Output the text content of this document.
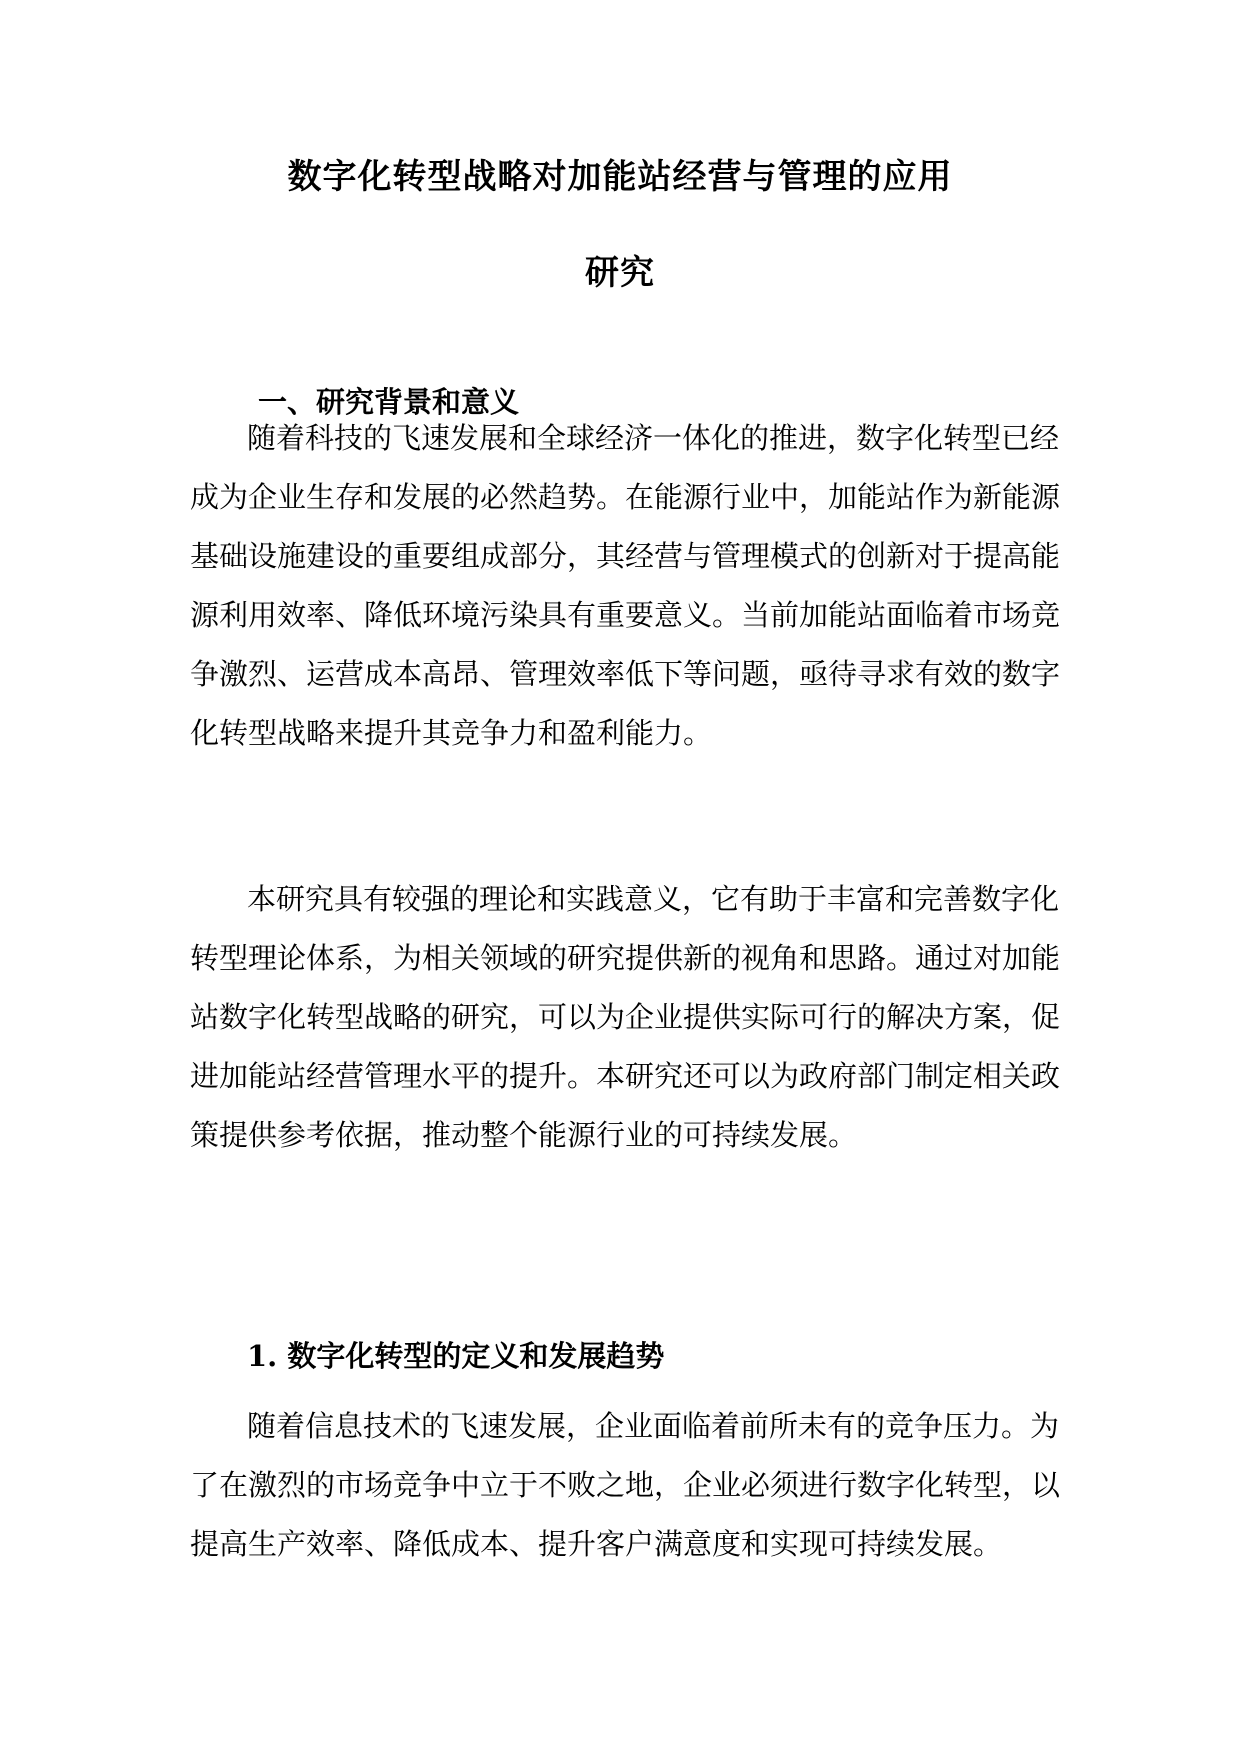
数字化转型战略对加能站经营与管理的应用
研究
一、研究背景和意义
随着科技的飞速发展和全球经济一体化的推进，数字化转型已经
成为企业生存和发展的必然趋势。在能源行业中，加能站作为新能源
基础设施建设的重要组成部分，其经营与管理模式的创新对于提高能
源利用效率、降低环境污染具有重要意义。当前加能站面临着市场竞
争激烈、运营成本高昂、管理效率低下等问题，亟待寻求有效的数字
化转型战略来提升其竞争力和盈利能力。
本研究具有较强的理论和实践意义，它有助于丰富和完善数字化
转型理论体系，为相关领域的研究提供新的视角和思路。通过对加能
站数字化转型战略的研究，可以为企业提供实际可行的解决方案，促
进加能站经营管理水平的提升。本研究还可以为政府部门制定相关政
策提供参考依据，推动整个能源行业的可持续发展。
1. 数字化转型的定义和发展趋势
随着信息技术的飞速发展，企业面临着前所未有的竞争压力。为
了在激烈的市场竞争中立于不败之地，企业必须进行数字化转型，以
提高生产效率、降低成本、提升客户满意度和实现可持续发展。
